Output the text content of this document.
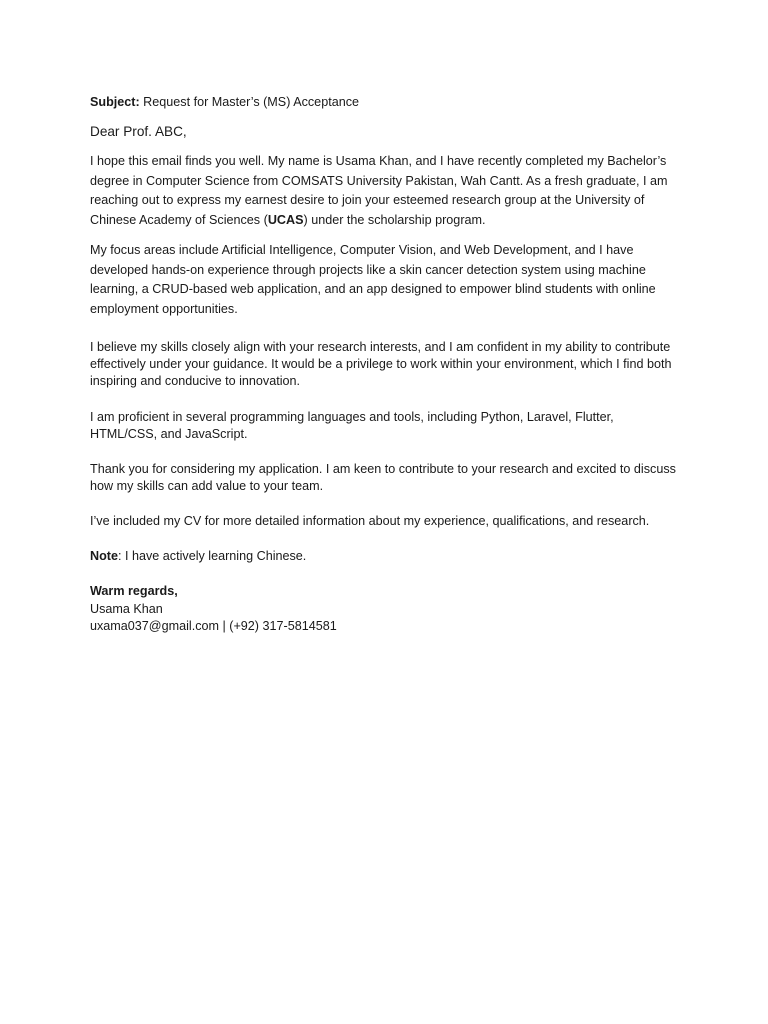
Subject: Request for Master’s (MS) Acceptance
Dear Prof. ABC,
I hope this email finds you well. My name is Usama Khan, and I have recently completed my Bachelor’s degree in Computer Science from COMSATS University Pakistan, Wah Cantt. As a fresh graduate, I am reaching out to express my earnest desire to join your esteemed research group at the University of Chinese Academy of Sciences (UCAS) under the scholarship program.
My focus areas include Artificial Intelligence, Computer Vision, and Web Development, and I have developed hands-on experience through projects like a skin cancer detection system using machine learning, a CRUD-based web application, and an app designed to empower blind students with online employment opportunities.
I believe my skills closely align with your research interests, and I am confident in my ability to contribute effectively under your guidance. It would be a privilege to work within your environment, which I find both inspiring and conducive to innovation.
I am proficient in several programming languages and tools, including Python, Laravel, Flutter, HTML/CSS, and JavaScript.
Thank you for considering my application. I am keen to contribute to your research and excited to discuss how my skills can add value to your team.
I’ve included my CV for more detailed information about my experience, qualifications, and research.
Note: I have actively learning Chinese.
Warm regards,
Usama Khan
uxama037@gmail.com | (+92) 317-5814581
